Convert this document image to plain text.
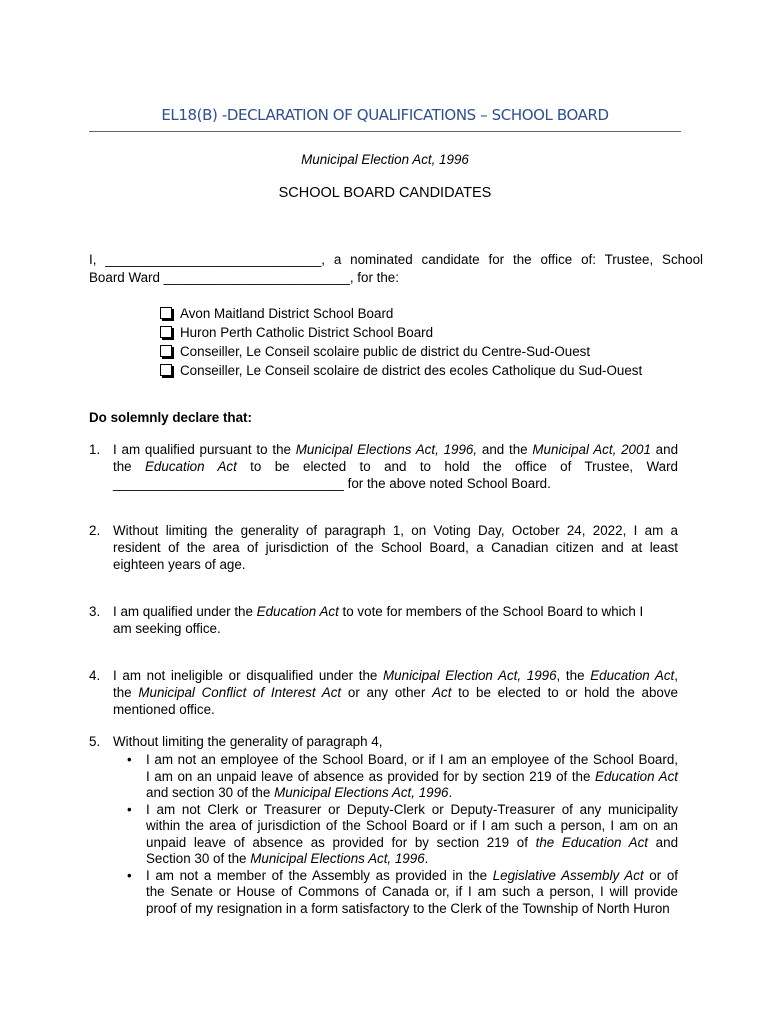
EL18(B) -DECLARATION OF QUALIFICATIONS – SCHOOL BOARD
Municipal Election Act, 1996
SCHOOL BOARD CANDIDATES
I, _____________________________, a nominated candidate for the office of: Trustee, School
Board Ward _________________________, for the:
Avon Maitland District School Board
Huron Perth Catholic District School Board
Conseiller, Le Conseil scolaire public de district du Centre-Sud-Ouest
Conseiller, Le Conseil scolaire de district des ecoles Catholique du Sud-Ouest
Do solemnly declare that:
1. I am qualified pursuant to the Municipal Elections Act, 1996, and the Municipal Act, 2001 and
the Education Act to be elected to and to hold the office of Trustee, Ward
_______________________________ for the above noted School Board.
2. Without limiting the generality of paragraph 1, on Voting Day, October 24, 2022, I am a
resident of the area of jurisdiction of the School Board, a Canadian citizen and at least
eighteen years of age.
3. I am qualified under the Education Act to vote for members of the School Board to which I
am seeking office.
4. I am not ineligible or disqualified under the Municipal Election Act, 1996, the Education Act,
the Municipal Conflict of Interest Act or any other Act to be elected to or hold the above
mentioned office.
5. Without limiting the generality of paragraph 4,
• I am not an employee of the School Board, or if I am an employee of the School Board,
I am on an unpaid leave of absence as provided for by section 219 of the Education Act
and section 30 of the Municipal Elections Act, 1996.
• I am not Clerk or Treasurer or Deputy-Clerk or Deputy-Treasurer of any municipality
within the area of jurisdiction of the School Board or if I am such a person, I am on an
unpaid leave of absence as provided for by section 219 of the Education Act and
Section 30 of the Municipal Elections Act, 1996.
• I am not a member of the Assembly as provided in the Legislative Assembly Act or of
the Senate or House of Commons of Canada or, if I am such a person, I will provide
proof of my resignation in a form satisfactory to the Clerk of the Township of North Huron
